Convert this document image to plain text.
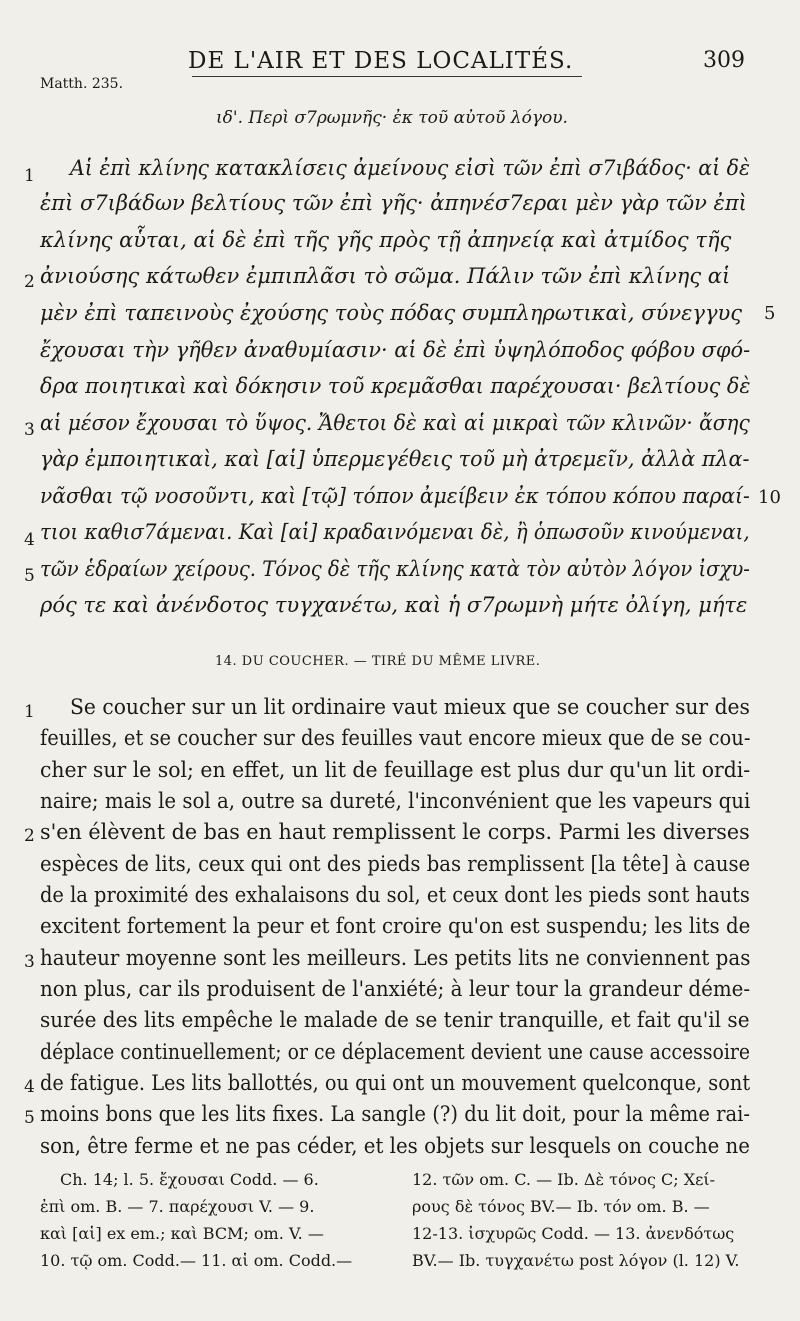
Matth. 235.
DE L'AIR ET DES LOCALITÉS.	309
ιδ'. Περὶ σ7ρωμνῆς· ἐκ τοῦ αὐτοῦ λόγου.
Αἱ ἐπὶ κλίνης κατακλίσεις ἀμείνους εἰσὶ τῶν ἐπὶ σ7ιβάδος· αἱ δὲ
ἐπὶ σ7ιβάδων βελτίους τῶν ἐπὶ γῆς· ἀπηνέσ7εραι μὲν γὰρ τῶν ἐπὶ
κλίνης αὗται, αἱ δὲ ἐπὶ τῆς γῆς πρὸς τῇ ἀπηνείᾳ καὶ ἀτμίδος τῆς
ἀνιούσης κάτωθεν ἐμπιπλᾶσι τὸ σῶμα. Πάλιν τῶν ἐπὶ κλίνης αἱ
μὲν ἐπὶ ταπεινοὺς ἐχούσης τοὺς πόδας συμπληρωτικαὶ, σύνεγγυς
ἔχουσαι τὴν γῆθεν ἀναθυμίασιν· αἱ δὲ ἐπὶ ὑψηλόποδος φόβου σφό-
δρα ποιητικαὶ καὶ δόκησιν τοῦ κρεμᾶσθαι παρέχουσαι· βελτίους δὲ
αἱ μέσον ἔχουσαι τὸ ὕψος. Ἄθετοι δὲ καὶ αἱ μικραὶ τῶν κλινῶν· ἄσης
γὰρ ἐμποιητικαὶ, καὶ [αἱ] ὑπερμεγέθεις τοῦ μὴ ἀτρεμεῖν, ἀλλὰ πλα-
νᾶσθαι τῷ νοσοῦντι, καὶ [τῷ] τόπον ἀμείβειν ἐκ τόπου κόπου παραί-
τιοι καθισ7άμεναι. Καὶ [αἱ] κραδαινόμεναι δὲ, ἢ ὁπωσοῦν κινούμεναι,
τῶν ἑδραίων χείρους. Τόνος δὲ τῆς κλίνης κατὰ τὸν αὐτὸν λόγον ἰσχυ-
ρός τε καὶ ἀνένδοτος τυγχανέτω, καὶ ἡ σ7ρωμνὴ μήτε ὀλίγη, μήτε
1
2
3
4
5
5
10
14. DU COUCHER. — TIRÉ DU MÊME LIVRE.
Se coucher sur un lit ordinaire vaut mieux que se coucher sur des
feuilles, et se coucher sur des feuilles vaut encore mieux que de se cou-
cher sur le sol; en effet, un lit de feuillage est plus dur qu'un lit ordi-
naire; mais le sol a, outre sa dureté, l'inconvénient que les vapeurs qui
s'en élèvent de bas en haut remplissent le corps. Parmi les diverses
espèces de lits, ceux qui ont des pieds bas remplissent [la tête] à cause
de la proximité des exhalaisons du sol, et ceux dont les pieds sont hauts
excitent fortement la peur et font croire qu'on est suspendu; les lits de
hauteur moyenne sont les meilleurs. Les petits lits ne conviennent pas
non plus, car ils produisent de l'anxiété; à leur tour la grandeur déme-
surée des lits empêche le malade de se tenir tranquille, et fait qu'il se
déplace continuellement; or ce déplacement devient une cause accessoire
de fatigue. Les lits ballottés, ou qui ont un mouvement quelconque, sont
moins bons que les lits fixes. La sangle (?) du lit doit, pour la même rai-
son, être ferme et ne pas céder, et les objets sur lesquels on couche ne
1
2
3
4
5
Ch. 14; l. 5. ἔχουσαι Codd. — 6.
ἐπὶ om. B. — 7. παρέχουσι V. — 9.
καὶ [αἱ] ex em.; καὶ BCM; om. V. —
10. τῷ om. Codd.— 11. αἱ om. Codd.—
12. τῶν om. C. — Ib. Δὲ τόνος C; Χεί-
ρους δὲ τόνος BV.— Ib. τόν om. B. —
12-13. ἰσχυρῶς Codd. — 13. ἀνενδότως
BV.— Ib. τυγχανέτω post λόγον (l. 12) V.
